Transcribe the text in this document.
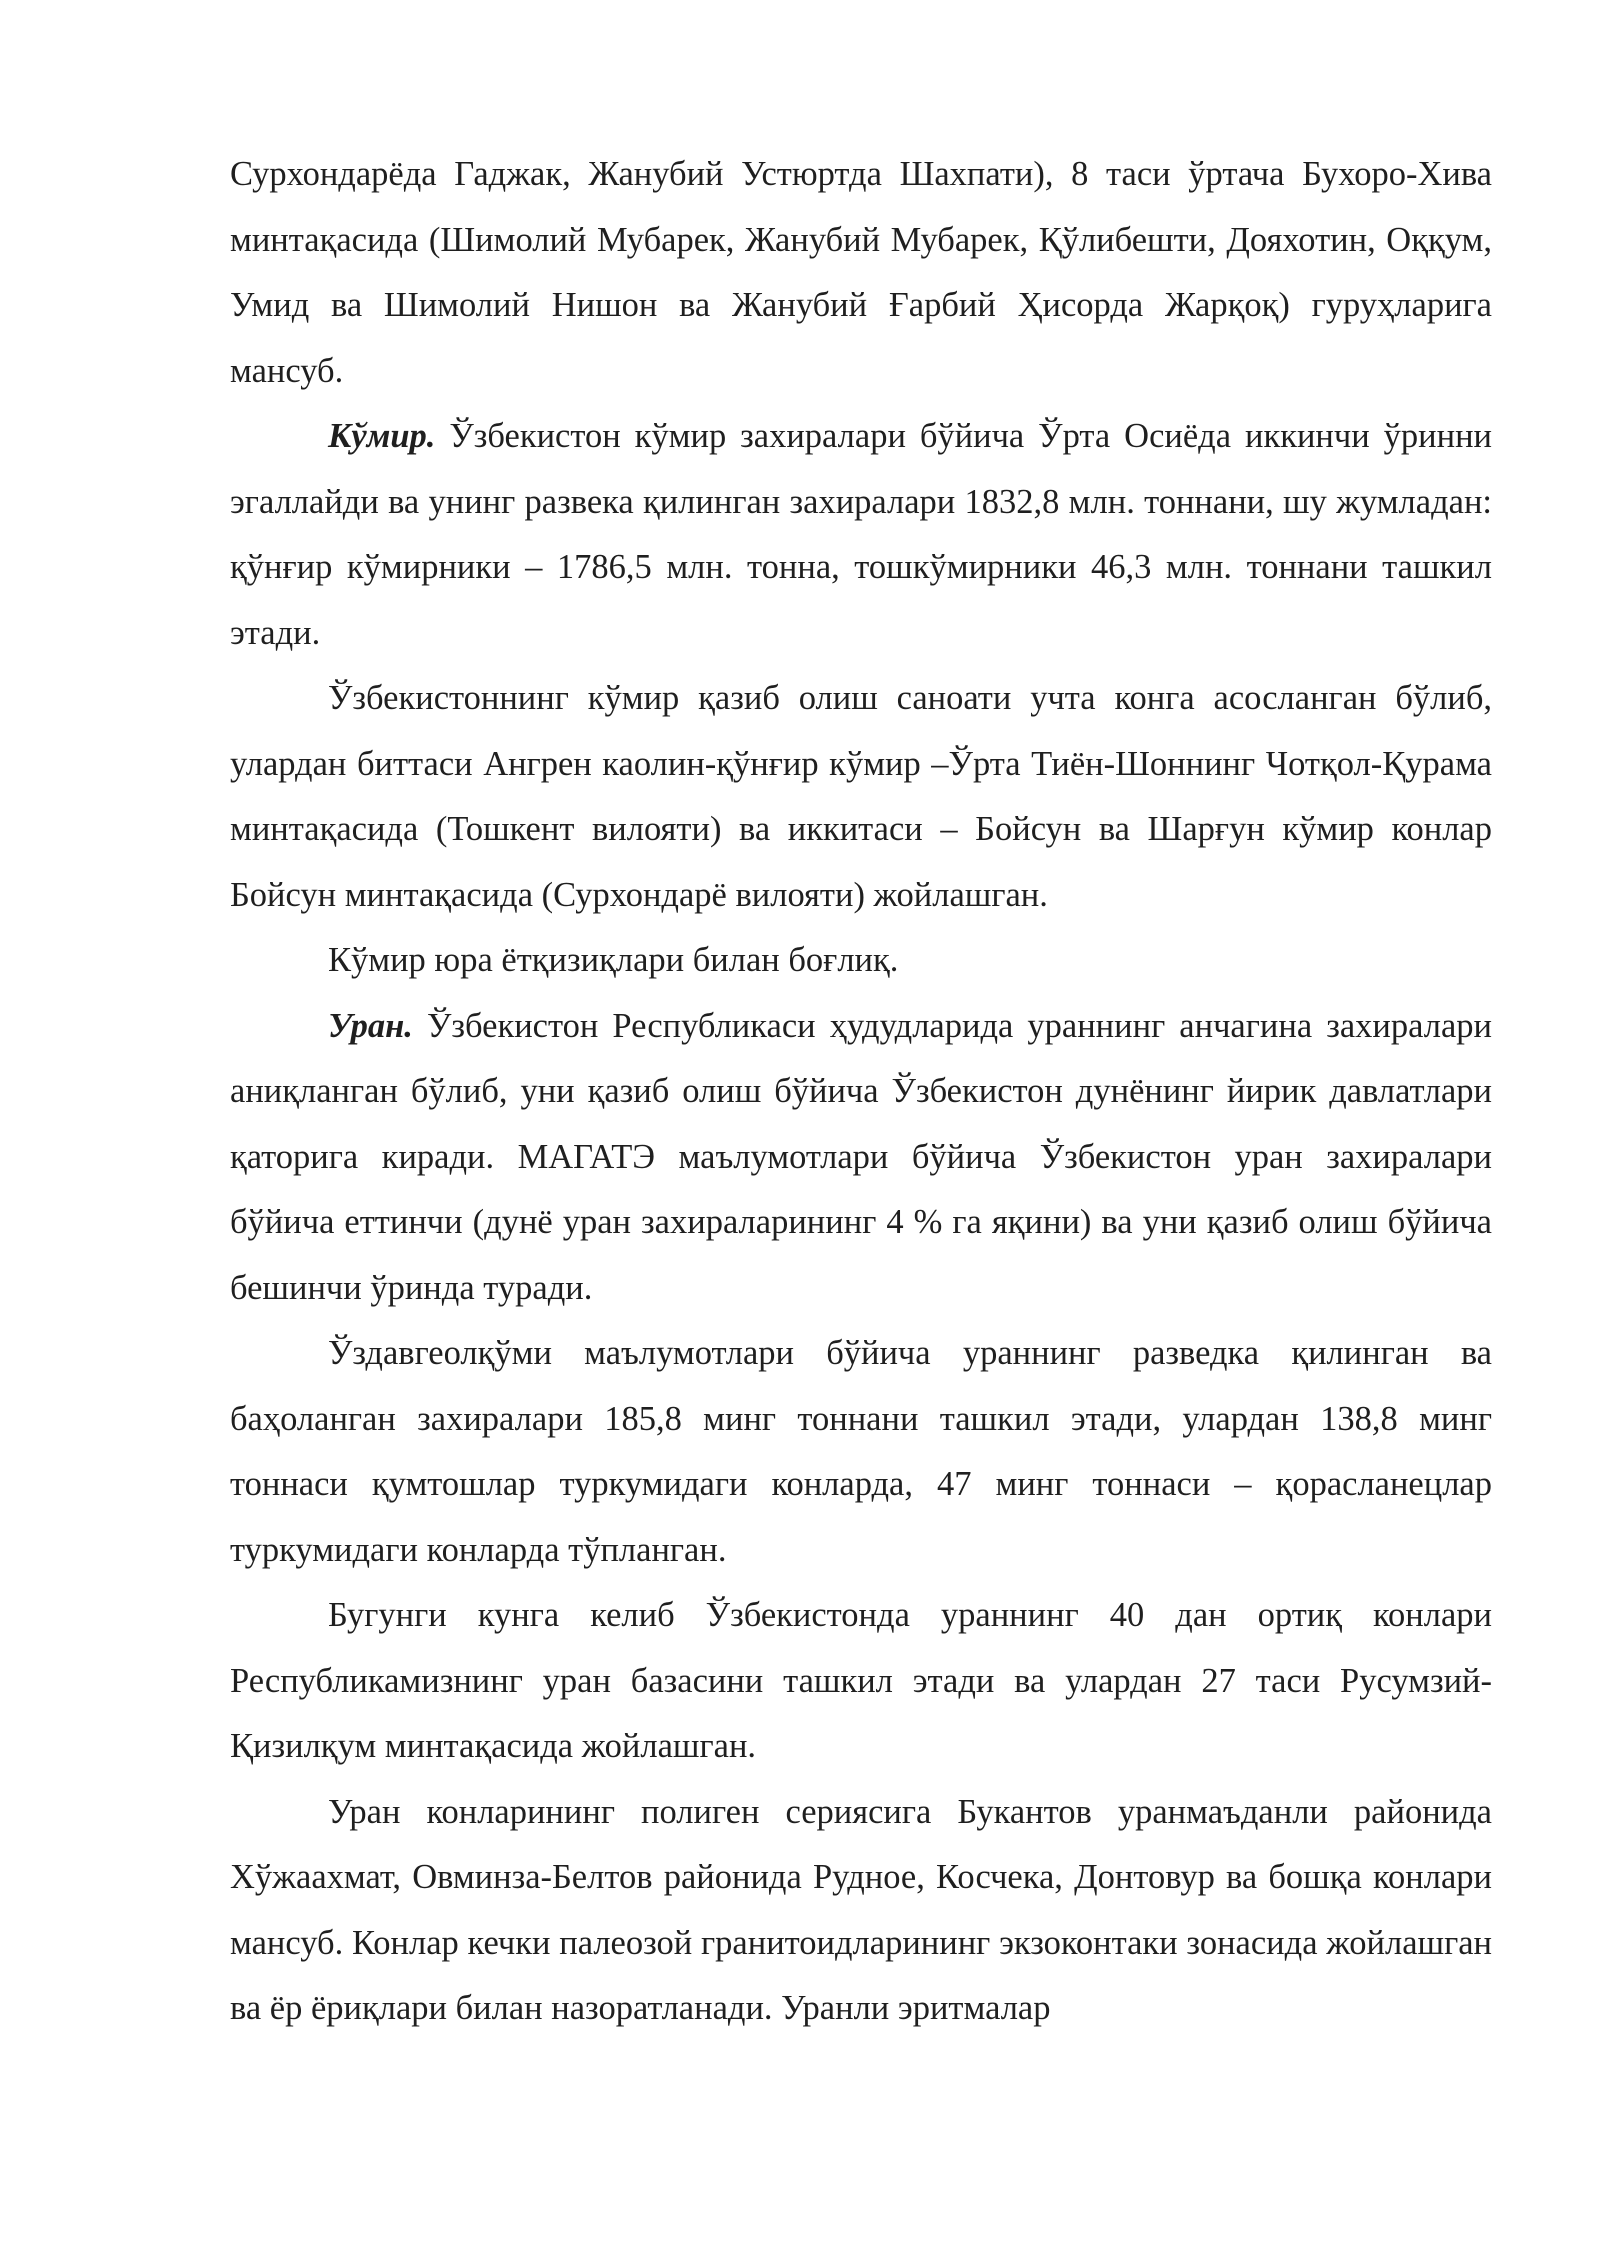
Сурхондарёда Гаджак, Жанубий Устюртда Шахпати), 8 таси ўртача Бухоро-Хива минтақасида (Шимолий Мубарек, Жанубий Мубарек, Қўлибешти, Дояхотин, Оққум, Умид ва Шимолий Нишон ва Жанубий Ғарбий Ҳисорда Жарқоқ) гуруҳларига мансуб.

Кўмир. Ўзбекистон кўмир захиралари бўйича Ўрта Осиёда иккинчи ўринни эгаллайди ва унинг развека қилинган захиралари 1832,8 млн. тоннани, шу жумладан: қўнғир кўмирники – 1786,5 млн. тонна, тошкўмирники 46,3 млн. тоннани ташкил этади.

Ўзбекистоннинг кўмир қазиб олиш саноати учта конга асосланган бўлиб, улардан биттаси Ангрен каолин-қўнғир кўмир –Ўрта Тиён-Шоннинг Чотқол-Қурама минтақасида (Тошкент вилояти) ва иккитаси – Бойсун ва Шарғун кўмир конлар Бойсун минтақасида (Сурхондарё вилояти) жойлашган.

Кўмир юра ётқизиқлари билан боғлиқ.

Уран. Ўзбекистон Республикаси ҳудудларида ураннинг анчагина захиралари аниқланган бўлиб, уни қазиб олиш бўйича Ўзбекистон дунёнинг йирик давлатлари қаторига киради. МАГАТЭ маълумотлари бўйича Ўзбекистон уран захиралари бўйича еттинчи (дунё уран захираларининг 4 % га яқини) ва уни қазиб олиш бўйича бешинчи ўринда туради.

Ўздавгеолқўми маълумотлари бўйича ураннинг разведка қилинган ва баҳоланган захиралари 185,8 минг тоннани ташкил этади, улардан 138,8 минг тоннаси қумтошлар туркумидаги конларда, 47 минг тоннаси – қорасланецлар туркумидаги конларда тўпланган.

Бугунги кунга келиб Ўзбекистонда ураннинг 40 дан ортиқ конлари Республикамизнинг уран базасини ташкил этади ва улардан 27 таси Русумзий-Қизилқум минтақасида жойлашган.

Уран конларининг полиген сериясига Букантов уранмаъданли районида Хўжаахмат, Овминза-Белтов районида Рудное, Косчека, Донтовур ва бошқа конлари мансуб. Конлар кечки палеозой гранитоидларининг экзоконтаки зонасида жойлашган ва ёр ёриқлари билан назоратланади. Уранли эритмалар
